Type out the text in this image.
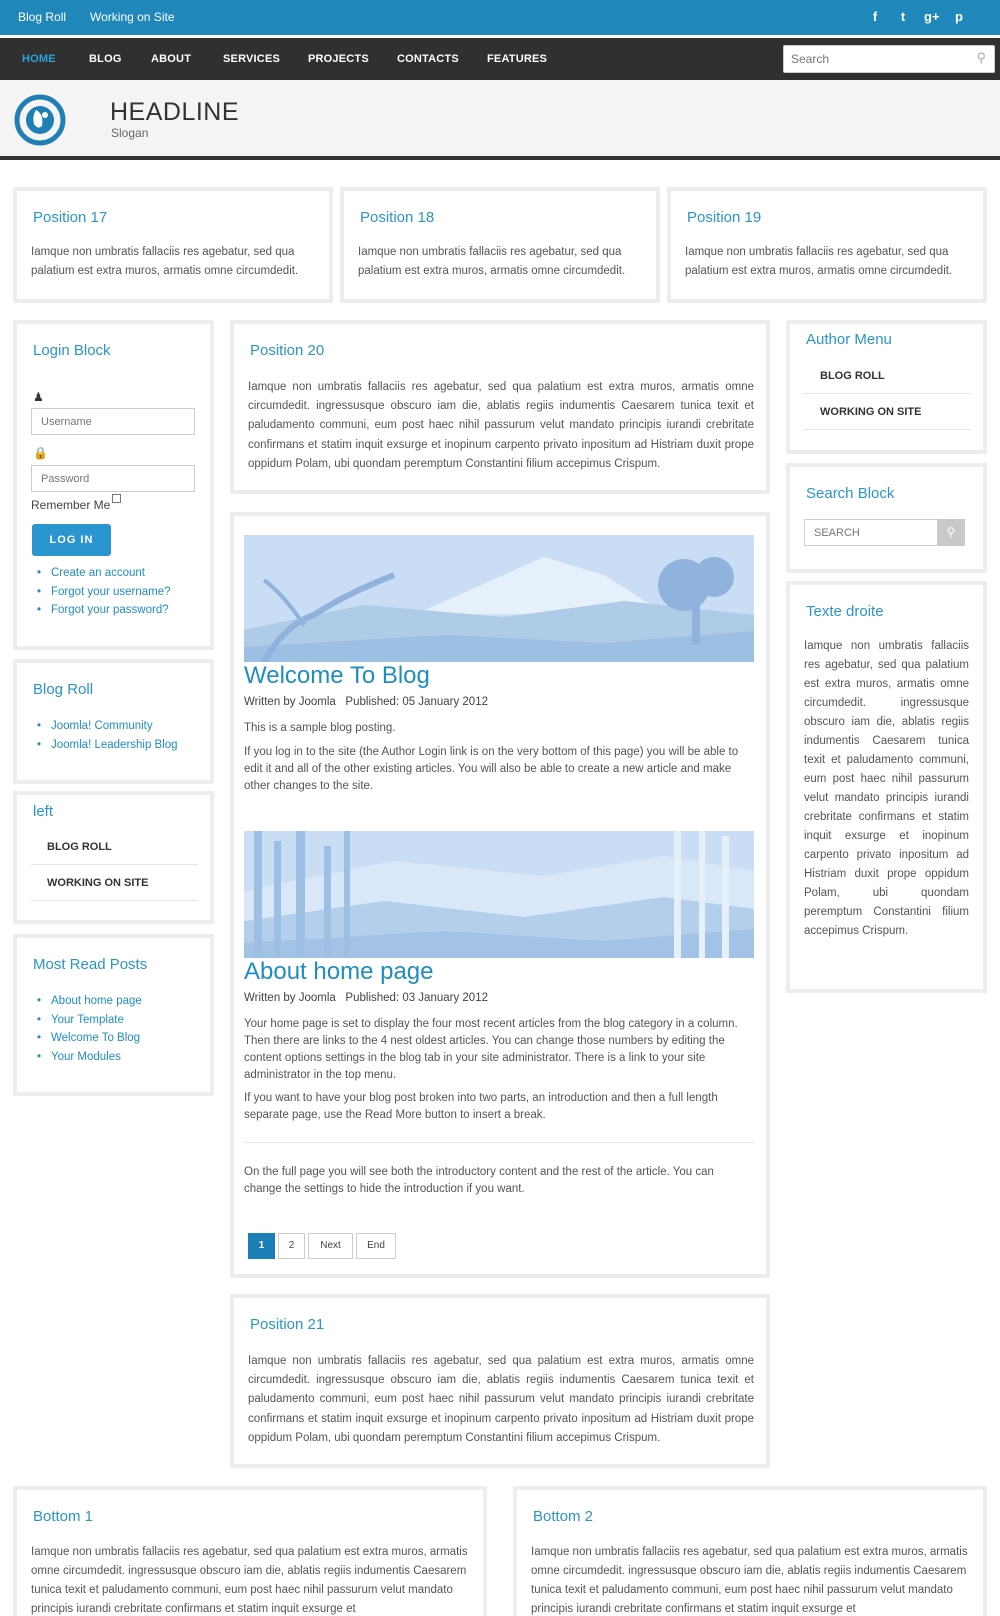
Blog Roll Working on Site	f	t	g+ p
HOME	BLOG	ABOUT	SERVICES	PROJECTS	CONTACTS	FEATURES
Search	⚲
HEADLINE
Slogan
Position 17

Iamque non umbratis fallaciis res agebatur, sed qua palatium est extra muros, armatis omne circumdedit.

Position 18

Iamque non umbratis fallaciis res agebatur, sed qua palatium est extra muros, armatis omne circumdedit.

Position 19

Iamque non umbratis fallaciis res agebatur, sed qua palatium est extra muros, armatis omne circumdedit.

Login Block
♟
Username
🔒
Remember Me
LOG IN
• Create an account
• Forgot your username?
• Forgot your password?
Blog Roll
• Joomla! Community
• Joomla! Leadership Blog
left
BLOG ROLL
WORKING ON SITE
Most Read Posts
• About home page
• Your Template
• Welcome To Blog
• Your Modules
Position 20

Iamque non umbratis fallaciis res agebatur, sed qua palatium est extra muros, armatis omne circumdedit. ingressusque obscuro iam die, ablatis regiis indumentis Caesarem tunica texit et paludamento communi, eum post haec nihil passurum velut mandato principis iurandi crebritate confirmans et statim inquit exsurge et inopinum carpento privato inpositum ad Histriam duxit prope oppidum Polam, ubi quondam peremptum Constantini filium accepimus Crispum.

Welcome To Blog
Written by Joomla Published: 05 January 2012
This is a sample blog posting.
If you log in to the site (the Author Login link is on the very bottom of this page) you will be able to edit it and all of the other existing articles. You will also be able to create a new article and make other changes to the site.
About home page
Written by Joomla Published: 03 January 2012
Your home page is set to display the four most recent articles from the blog category in a column. Then there are links to the 4 nest oldest articles. You can change those numbers by editing the content options settings in the blog tab in your site administrator. There is a link to your site administrator in the top menu.
If you want to have your blog post broken into two parts, an introduction and then a full length separate page, use the Read More button to insert a break.
On the full page you will see both the introductory content and the rest of the article. You can change the settings to hide the introduction if you want.
1	2	Next	End
Position 21

Iamque non umbratis fallaciis res agebatur, sed qua palatium est extra muros, armatis omne circumdedit. ingressusque obscuro iam die, ablatis regiis indumentis Caesarem tunica texit et paludamento communi, eum post haec nihil passurum velut mandato principis iurandi crebritate confirmans et statim inquit exsurge et inopinum carpento privato inpositum ad Histriam duxit prope oppidum Polam, ubi quondam peremptum Constantini filium accepimus Crispum.

Author Menu
BLOG ROLL
WORKING ON SITE
Search Block
SEARCH
⚲
Texte droite

Iamque non umbratis fallaciis res agebatur, sed qua palatium est extra muros, armatis omne circumdedit. ingressusque obscuro iam die, ablatis regiis indumentis Caesarem tunica texit et paludamento communi, eum post haec nihil passurum velut mandato principis iurandi crebritate confirmans et statim inquit exsurge et inopinum carpento privato inpositum ad Histriam duxit prope oppidum Polam, ubi quondam peremptum Constantini filium accepimus Crispum.

Bottom 1

Iamque non umbratis fallaciis res agebatur, sed qua palatium est extra muros, armatis omne circumdedit. ingressusque obscuro iam die, ablatis regiis indumentis Caesarem tunica texit et paludamento communi, eum post haec nihil passurum velut mandato principis iurandi crebritate confirmans et statim inquit exsurge et

Bottom 2

Iamque non umbratis fallaciis res agebatur, sed qua palatium est extra muros, armatis omne circumdedit. ingressusque obscuro iam die, ablatis regiis indumentis Caesarem tunica texit et paludamento communi, eum post haec nihil passurum velut mandato principis iurandi crebritate confirmans et statim inquit exsurge et
